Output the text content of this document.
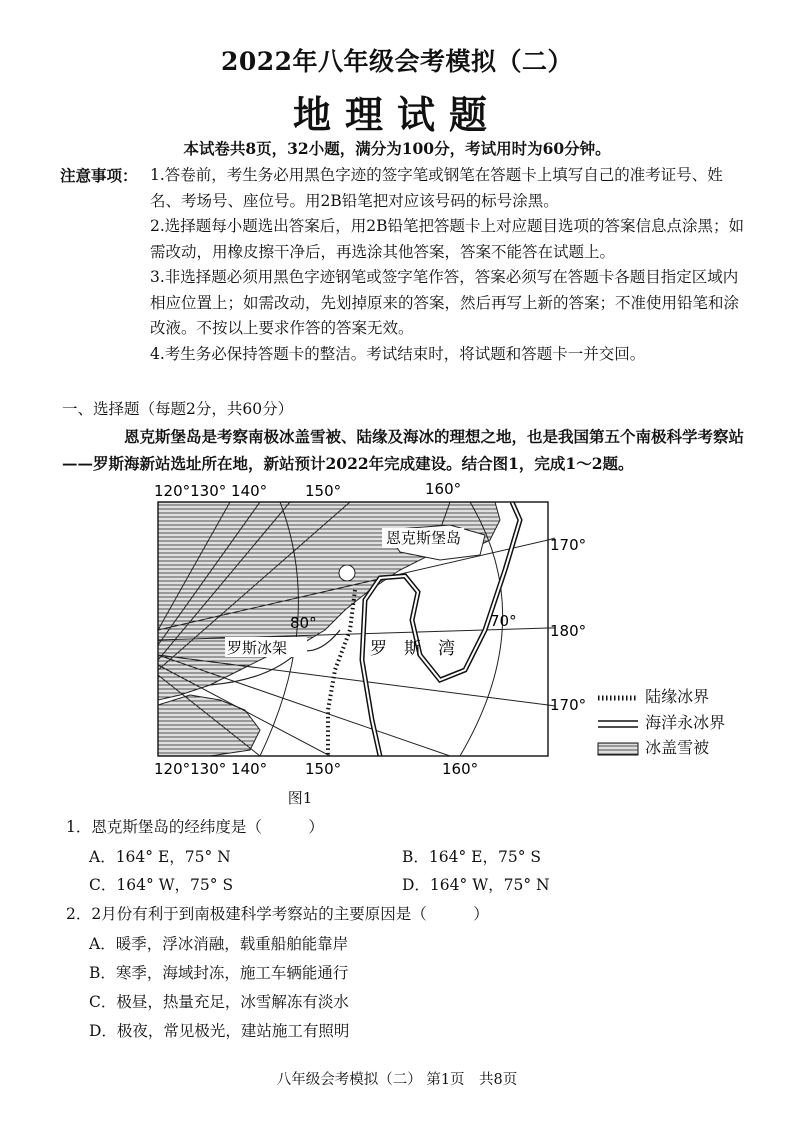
2022年八年级会考模拟（二）
地理试题
本试卷共8页，32小题，满分为100分，考试用时为60分钟。
注意事项： 1.答卷前，考生务必用黑色字迹的签字笔或钢笔在答题卡上填写自己的准考证号、姓名、考场号、座位号。用2B铅笔把对应该号码的标号涂黑。
2.选择题每小题选出答案后，用2B铅笔把答题卡上对应题目选项的答案信息点涂黑；如需改动，用橡皮擦干净后，再选涂其他答案，答案不能答在试题上。
3.非选择题必须用黑色字迹钢笔或签字笔作答，答案必须写在答题卡各题目指定区域内相应位置上；如需改动，先划掉原来的答案，然后再写上新的答案；不准使用铅笔和涂改液。不按以上要求作答的答案无效。
4.考生务必保持答题卡的整洁。考试结束时，将试题和答题卡一并交回。
一、选择题（每题2分，共60分）
恩克斯堡岛是考察南极冰盖雪被、陆缘及海冰的理想之地，也是我国第五个南极科学考察站——罗斯海新站选址所在地，新站预计2022年完成建设。结合图1，完成1～2题。
120°130° 140°	150°	160°
120°130° 140°	150°	160°
170°
180°
170°
80°	70°
恩克斯堡岛
罗斯冰架	罗　斯　湾
陆缘冰界
海洋永冰界
冰盖雪被
图1
1．恩克斯堡岛的经纬度是（　　　）
A．164° E，75° N	B．164° E，75° S
C．164° W，75° S	D．164° W，75° N
2．2月份有利于到南极建科学考察站的主要原因是（　　　）
A．暖季，浮冰消融，载重船舶能靠岸
B．寒季，海域封冻，施工车辆能通行
C．极昼，热量充足，冰雪解冻有淡水
D．极夜，常见极光，建站施工有照明
八年级会考模拟（二） 第1页　共8页
